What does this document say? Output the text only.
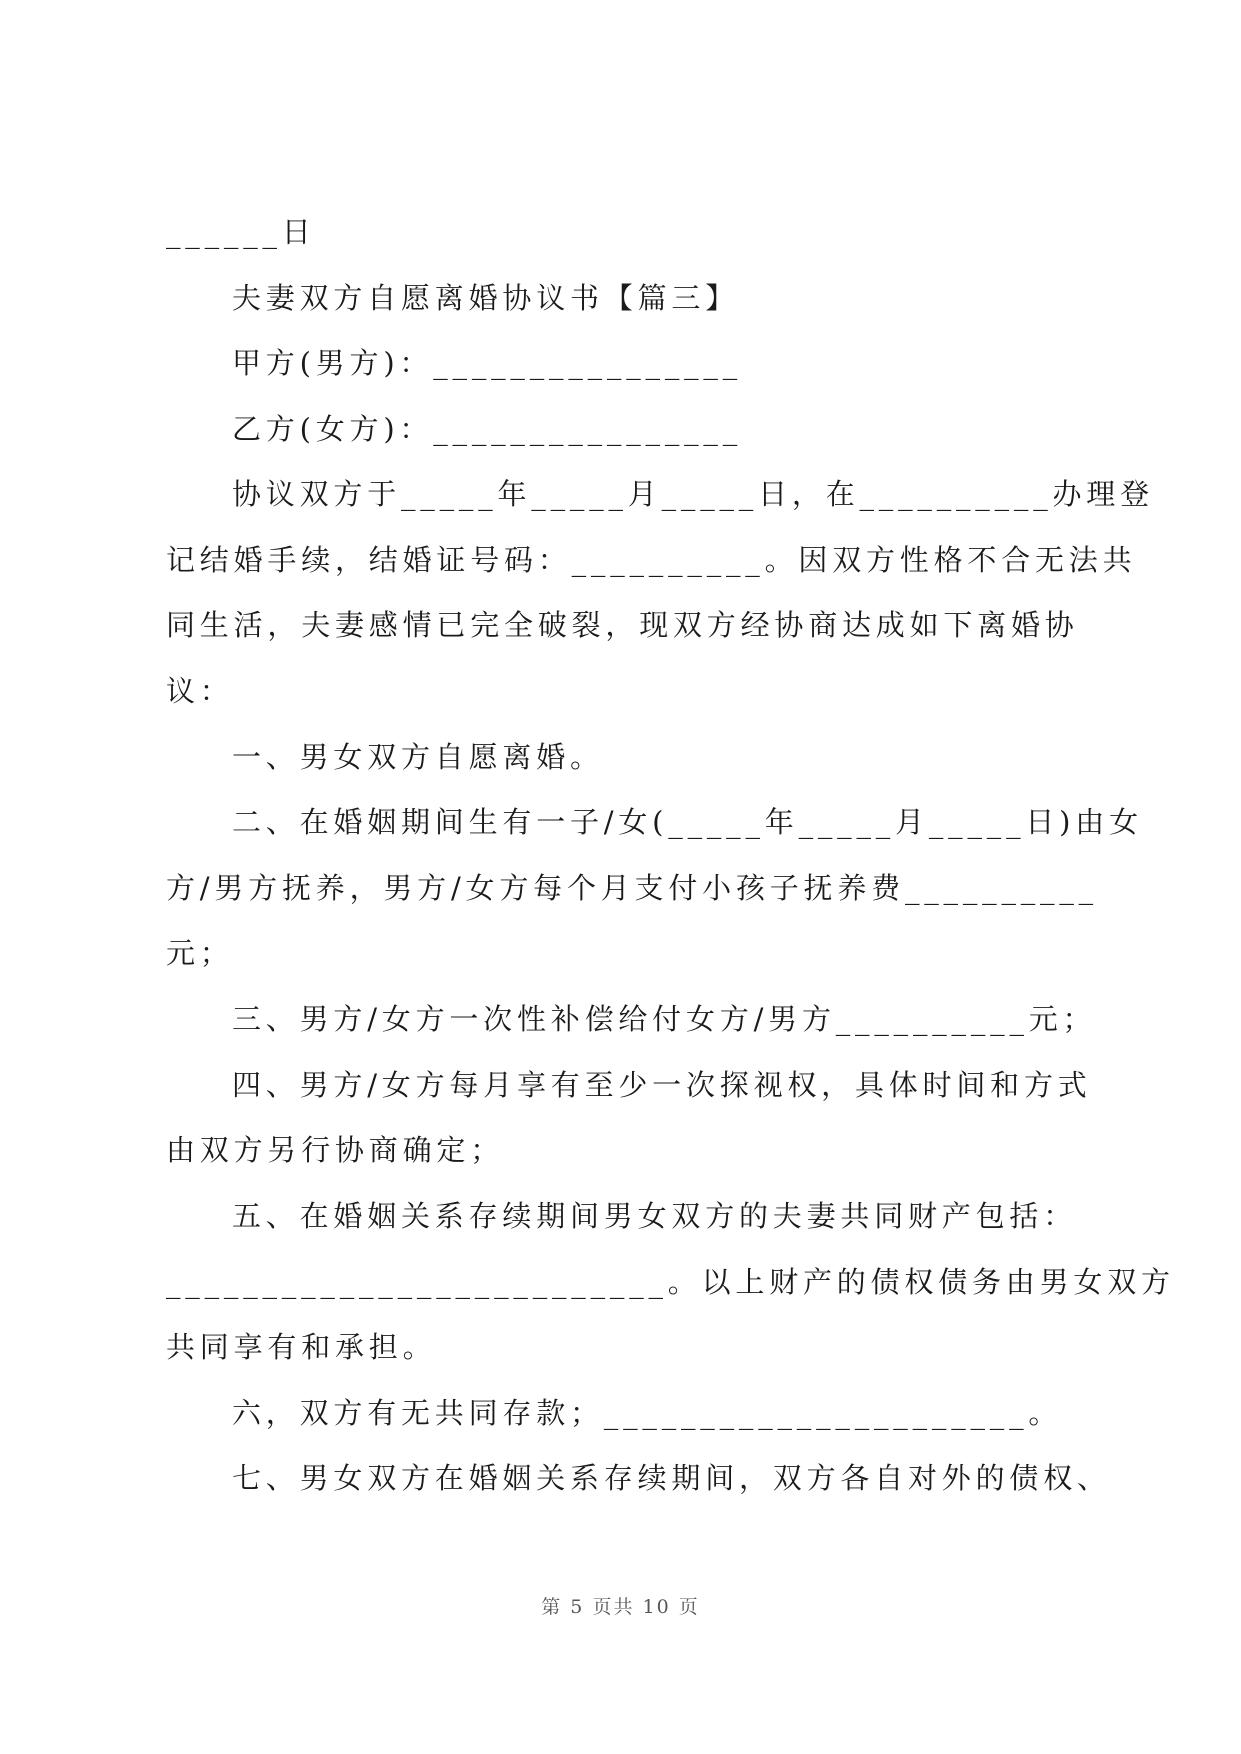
______日
夫妻双方自愿离婚协议书【篇三】
甲方(男方)：________________
乙方(女方)：________________
协议双方于_____年_____月_____日，在__________办理登
记结婚手续，结婚证号码：__________。因双方性格不合无法共
同生活，夫妻感情已完全破裂，现双方经协商达成如下离婚协
议：
一、男女双方自愿离婚。
二、在婚姻期间生有一子/女(_____年_____月_____日)由女
方/男方抚养，男方/女方每个月支付小孩子抚养费__________
元；
三、男方/女方一次性补偿给付女方/男方__________元；
四、男方/女方每月享有至少一次探视权，具体时间和方式
由双方另行协商确定；
五、在婚姻关系存续期间男女双方的夫妻共同财产包括：
__________________________。以上财产的债权债务由男女双方
共同享有和承担。
六，双方有无共同存款；______________________。
七、男女双方在婚姻关系存续期间，双方各自对外的债权、
第 5 页共 10 页
